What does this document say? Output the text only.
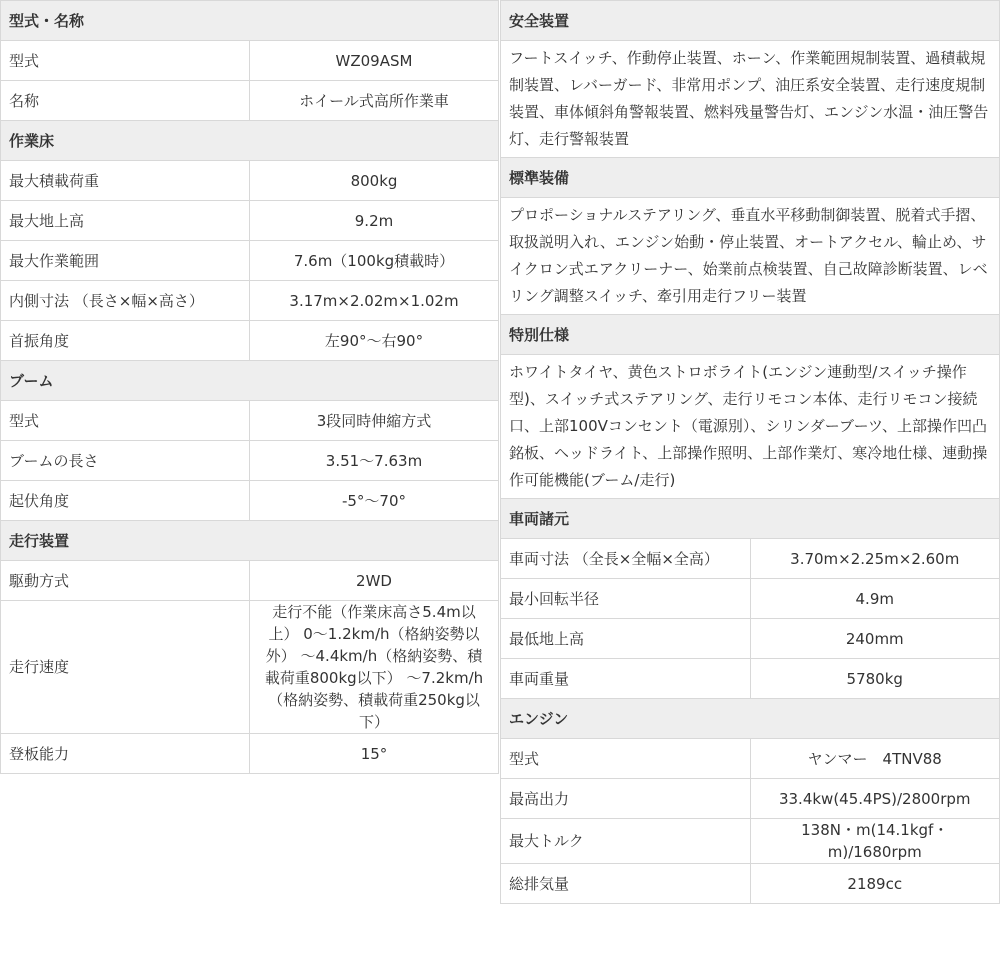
型式・名称	
型式	WZ09ASM
名称	ホイール式高所作業車
作業床	
最大積載荷重	800kg
最大地上高	9.2m
最大作業範囲	7.6m（100kg積載時）
内側寸法 （長さ×幅×高さ）	3.17m×2.02m×1.02m
首振角度	左90°～右90°
ブーム	
型式	3段同時伸縮方式
ブームの長さ	3.51～7.63m
起伏角度	-5°～70°
走行装置	
駆動方式	2WD
走行速度	走行不能（作業床高さ5.4m以上） 0～1.2km/h（格納姿勢以外） ～4.4km/h（格納姿勢、積載荷重800kg以下） ～7.2km/h（格納姿勢、積載荷重250kg以下）
登板能力	15°
安全装置	
フートスイッチ、作動停止装置、ホーン、作業範囲規制装置、過積載規制装置、レバーガード、非常用ポンプ、油圧系安全装置、走行速度規制装置、車体傾斜角警報装置、燃料残量警告灯、エンジン水温・油圧警告灯、走行警報装置	
標準装備	
プロポーショナルステアリング、垂直水平移動制御装置、脱着式手摺、取扱説明入れ、エンジン始動・停止装置、オートアクセル、輪止め、サイクロン式エアクリーナー、始業前点検装置、自己故障診断装置、レベリング調整スイッチ、牽引用走行フリー装置	
特別仕様	
ホワイトタイヤ、黄色ストロボライト(エンジン連動型/スイッチ操作型)、スイッチ式ステアリング、走行リモコン本体、走行リモコン接続口、上部100Vコンセント（電源別）、シリンダーブーツ、上部操作凹凸銘板、ヘッドライト、上部操作照明、上部作業灯、寒冷地仕様、連動操作可能機能(ブーム/走行)	
車両諸元	
車両寸法 （全長×全幅×全高）	3.70m×2.25m×2.60m
最小回転半径	4.9m
最低地上高	240mm
車両重量	5780kg
エンジン	
型式	ヤンマー　4TNV88
最高出力	33.4kw(45.4PS)/2800rpm
最大トルク	138N・m(14.1kgf・m)/1680rpm
総排気量	2189cc
